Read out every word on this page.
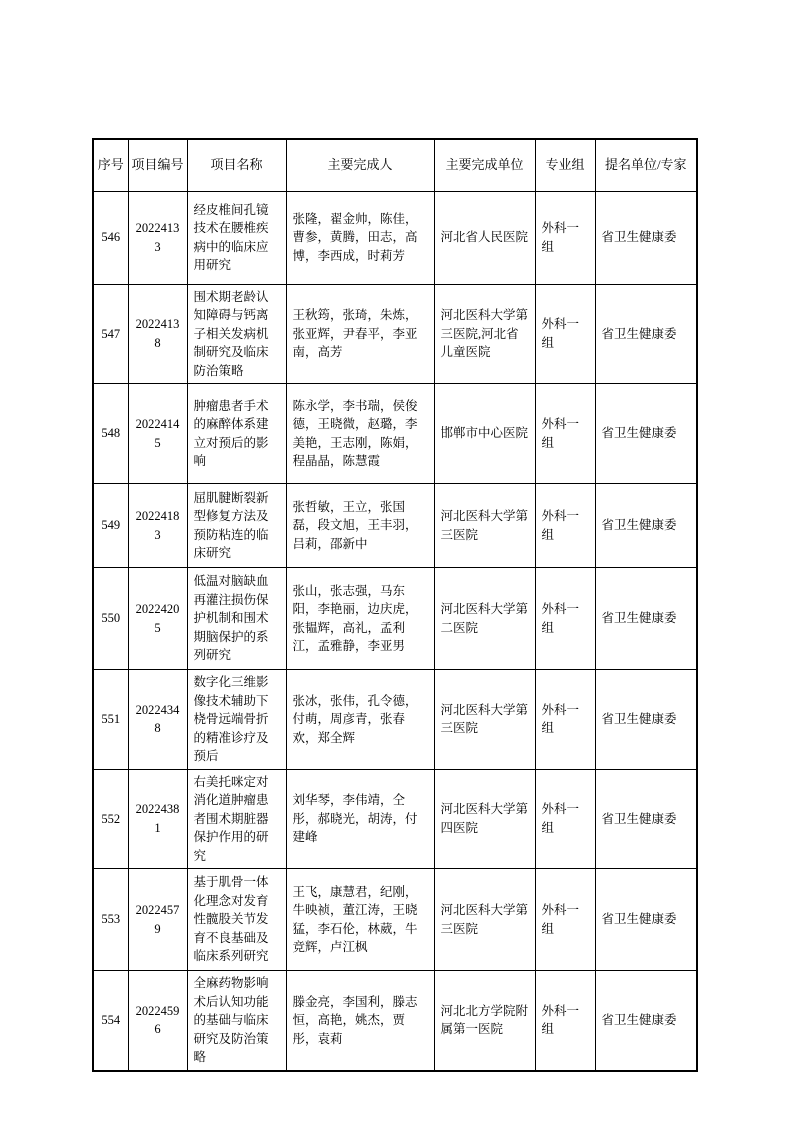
序号	项目编号	项目名称	主要完成人	主要完成单位	专业组	提名单位/专家
546	20224133	经皮椎间孔镜技术在腰椎疾病中的临床应用研究	张隆，翟金帅，陈佳，曹参，黄腾，田志，高博，李西成，时莉芳	河北省人民医院	外科一组	省卫生健康委
547	20224138	围术期老龄认知障碍与钙离子相关发病机制研究及临床防治策略	王秋筠，张琦，朱炼，张亚辉，尹春平，李亚南，高芳	河北医科大学第三医院,河北省儿童医院	外科一组	省卫生健康委
548	20224145	肿瘤患者手术的麻醉体系建立对预后的影响	陈永学，李书瑞，侯俊德，王晓微，赵璐，李美艳，王志刚，陈娟，程晶晶，陈慧霞	邯郸市中心医院	外科一组	省卫生健康委
549	20224183	屈肌腱断裂新型修复方法及预防粘连的临床研究	张哲敏，王立，张国磊，段文旭，王丰羽，吕莉，邵新中	河北医科大学第三医院	外科一组	省卫生健康委
550	20224205	低温对脑缺血再灌注损伤保护机制和围术期脑保护的系列研究	张山，张志强，马东阳，李艳丽，边庆虎，张韫辉，高礼，孟利江，孟雅静，李亚男	河北医科大学第二医院	外科一组	省卫生健康委
551	20224348	数字化三维影像技术辅助下桡骨远端骨折的精准诊疗及预后	张冰，张伟，孔令德，付萌，周彦青，张春欢，郑全辉	河北医科大学第三医院	外科一组	省卫生健康委
552	20224381	右美托咪定对消化道肿瘤患者围术期脏器保护作用的研究	刘华琴，李伟靖，仝彤，郝晓光，胡涛，付建峰	河北医科大学第四医院	外科一组	省卫生健康委
553	20224579	基于肌骨一体化理念对发育性髋股关节发育不良基础及临床系列研究	王飞，康慧君，纪刚，牛映祯，董江涛，王晓猛，李石伦，林葳，牛竞辉，卢江枫	河北医科大学第三医院	外科一组	省卫生健康委
554	20224596	全麻药物影响术后认知功能的基础与临床研究及防治策略	滕金亮，李国利，滕志恒，高艳，姚杰，贾彤，袁莉	河北北方学院附属第一医院	外科一组	省卫生健康委
